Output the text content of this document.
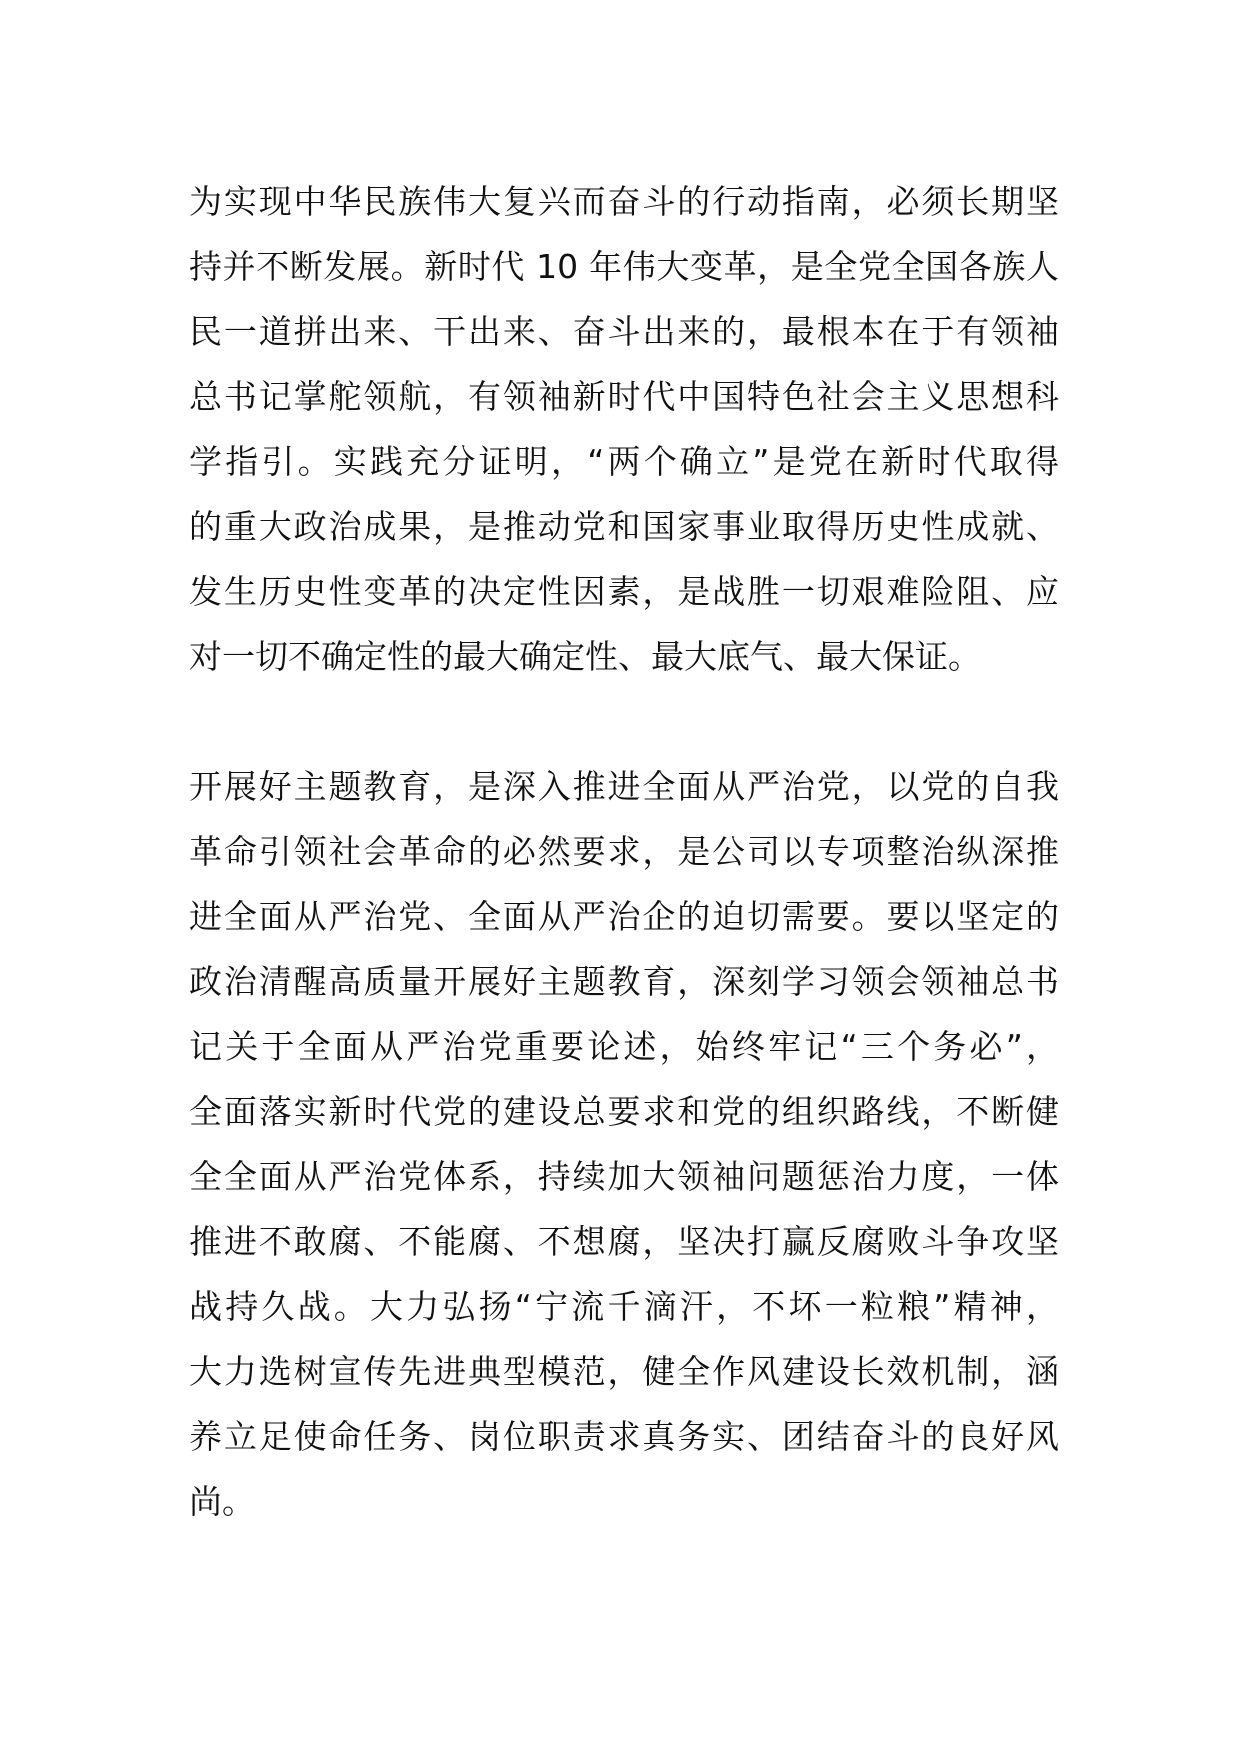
为实现中华民族伟大复兴而奋斗的行动指南，必须长期坚
持并不断发展。新时代 10 年伟大变革，是全党全国各族人
民一道拼出来、干出来、奋斗出来的，最根本在于有领袖
总书记掌舵领航，有领袖新时代中国特色社会主义思想科
学指引。实践充分证明，“两个确立”是党在新时代取得
的重大政治成果，是推动党和国家事业取得历史性成就、
发生历史性变革的决定性因素，是战胜一切艰难险阻、应
对一切不确定性的最大确定性、最大底气、最大保证。
开展好主题教育，是深入推进全面从严治党，以党的自我
革命引领社会革命的必然要求，是公司以专项整治纵深推
进全面从严治党、全面从严治企的迫切需要。要以坚定的
政治清醒高质量开展好主题教育，深刻学习领会领袖总书
记关于全面从严治党重要论述，始终牢记“三个务必”，
全面落实新时代党的建设总要求和党的组织路线，不断健
全全面从严治党体系，持续加大领袖问题惩治力度，一体
推进不敢腐、不能腐、不想腐，坚决打赢反腐败斗争攻坚
战持久战。大力弘扬“宁流千滴汗，不坏一粒粮”精神，
大力选树宣传先进典型模范，健全作风建设长效机制，涵
养立足使命任务、岗位职责求真务实、团结奋斗的良好风
尚。
